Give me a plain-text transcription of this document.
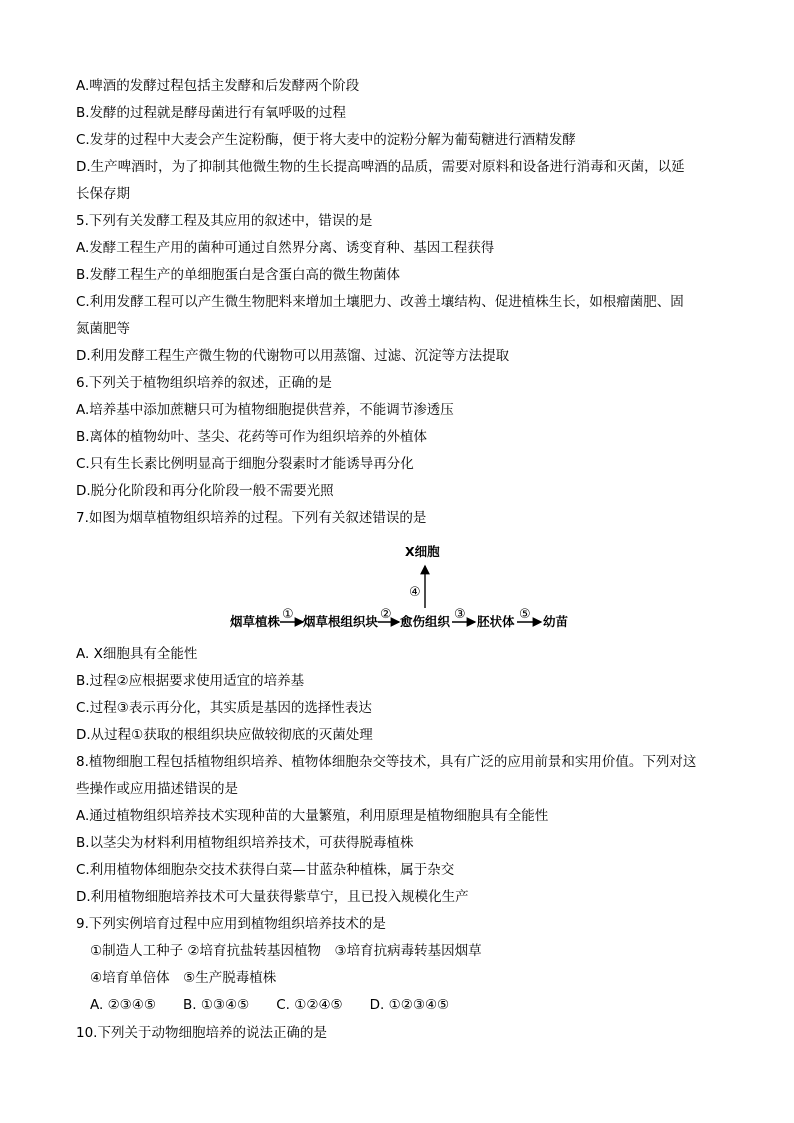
A.啤酒的发酵过程包括主发酵和后发酵两个阶段
B.发酵的过程就是酵母菌进行有氧呼吸的过程
C.发芽的过程中大麦会产生淀粉酶，便于将大麦中的淀粉分解为葡萄糖进行酒精发酵
D.生产啤酒时，为了抑制其他微生物的生长提高啤酒的品质，需要对原料和设备进行消毒和灭菌，以延
长保存期
5.下列有关发酵工程及其应用的叙述中，错误的是
A.发酵工程生产用的菌种可通过自然界分离、诱变育种、基因工程获得
B.发酵工程生产的单细胞蛋白是含蛋白高的微生物菌体
C.利用发酵工程可以产生微生物肥料来增加土壤肥力、改善土壤结构、促进植株生长，如根瘤菌肥、固
氮菌肥等
D.利用发酵工程生产微生物的代谢物可以用蒸馏、过滤、沉淀等方法提取
6.下列关于植物组织培养的叙述，正确的是
A.培养基中添加蔗糖只可为植物细胞提供营养，不能调节渗透压
B.离体的植物幼叶、茎尖、花药等可作为组织培养的外植体
C.只有生长素比例明显高于细胞分裂素时才能诱导再分化
D.脱分化阶段和再分化阶段一般不需要光照
7.如图为烟草植物组织培养的过程。下列有关叙述错误的是
X细胞
④
烟草植株 ① 烟草根组织块 ② 愈伤组织 ③ 胚状体 ⑤ 幼苗
A. X细胞具有全能性
B.过程②应根据要求使用适宜的培养基
C.过程③表示再分化，其实质是基因的选择性表达
D.从过程①获取的根组织块应做较彻底的灭菌处理
8.植物细胞工程包括植物组织培养、植物体细胞杂交等技术，具有广泛的应用前景和实用价值。下列对这
些操作或应用描述错误的是
A.通过植物组织培养技术实现种苗的大量繁殖，利用原理是植物细胞具有全能性
B.以茎尖为材料利用植物组织培养技术，可获得脱毒植株
C.利用植物体细胞杂交技术获得白菜—甘蓝杂种植株，属于杂交
D.利用植物细胞培养技术可大量获得紫草宁，且已投入规模化生产
9.下列实例培育过程中应用到植物组织培养技术的是
①制造人工种子 ②培育抗盐转基因植物　③培育抗病毒转基因烟草
④培育单倍体　⑤生产脱毒植株
A. ②③④⑤　　B. ①③④⑤　　C. ①②④⑤　　D. ①②③④⑤
10.下列关于动物细胞培养的说法正确的是
